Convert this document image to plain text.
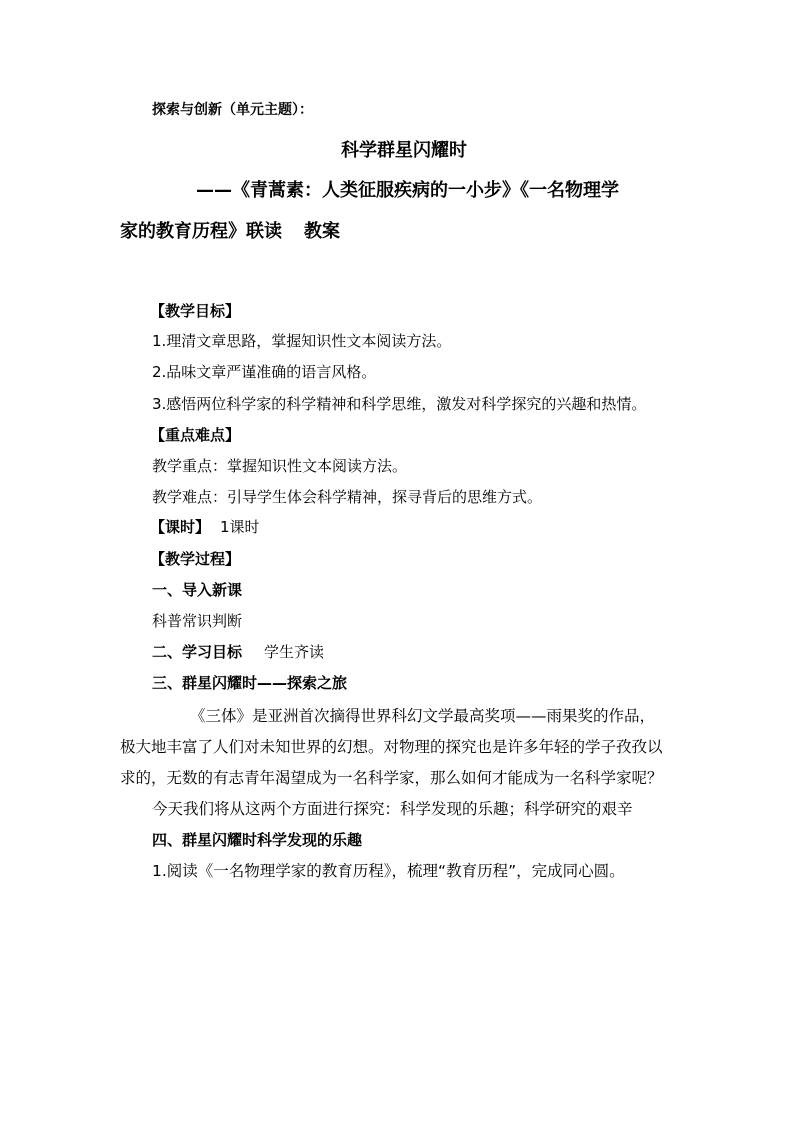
探索与创新（单元主题）：
科学群星闪耀时
——《青蒿素：人类征服疾病的一小步》《一名物理学
家的教育历程》联读 教案
【教学目标】
1.理清文章思路，掌握知识性文本阅读方法。
2.品味文章严谨准确的语言风格。
3.感悟两位科学家的科学精神和科学思维，激发对科学探究的兴趣和热情。
【重点难点】
教学重点：掌握知识性文本阅读方法。
教学难点：引导学生体会科学精神，探寻背后的思维方式。
【课时】 1课时
【教学过程】
一、导入新课
科普常识判断
二、学习目标 学生齐读
三、群星闪耀时——探索之旅
《三体》是亚洲首次摘得世界科幻文学最高奖项——雨果奖的作品，
极大地丰富了人们对未知世界的幻想。对物理的探究也是许多年轻的学子孜孜以
求的，无数的有志青年渴望成为一名科学家，那么如何才能成为一名科学家呢？
今天我们将从这两个方面进行探究：科学发现的乐趣；科学研究的艰辛
四、群星闪耀时科学发现的乐趣
1.阅读《一名物理学家的教育历程》，梳理“教育历程”，完成同心圆。
